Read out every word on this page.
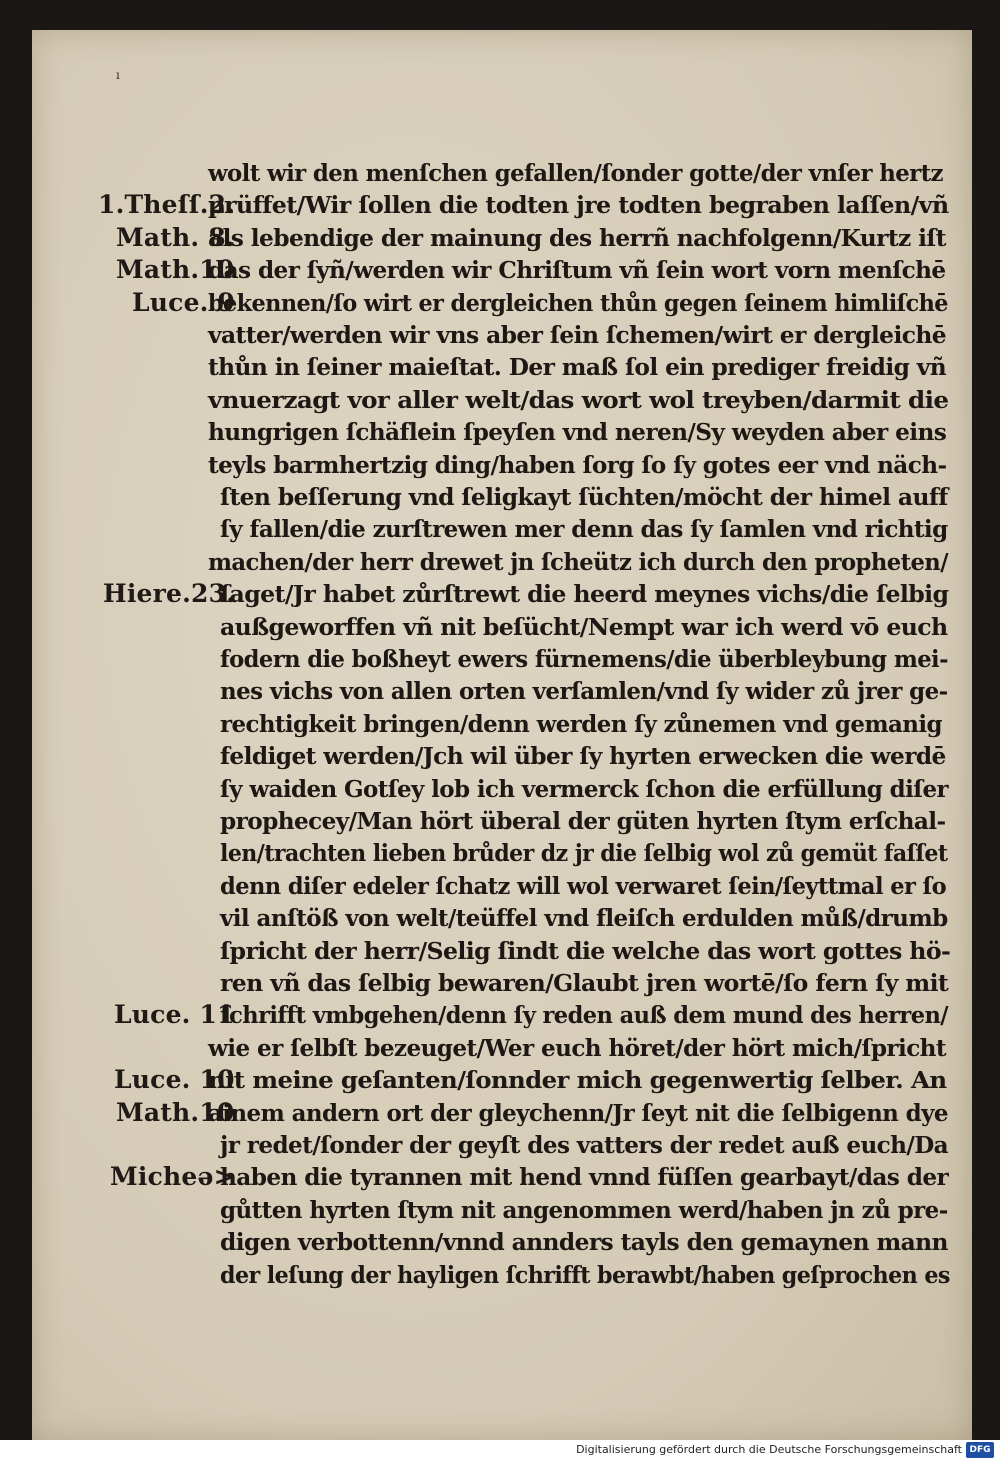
ı
1.Theſſ.2.
Math. 8.
Math.10
Luce. 9
Hiere.23.
Luce. 11
Luce. 10
Math.10
Micheə>
wolt wir den menſchen gefallen/ſonder gotte/der vnſer hertz
prüffet/Wir ſollen die todten jre todten begraben laſſen/vñ
als lebendige der mainung des herrñ nachfolgenn/Kurtz iſt
das der ſyñ/werden wir Chriſtum vñ ſein wort vorn menſchē
bekennen/ſo wirt er dergleichen thůn gegen ſeinem himliſchē
vatter/werden wir vns aber ſein ſchemen/wirt er dergleichē
thůn in ſeiner maieſtat. Der maß ſol ein prediger freidig vñ
vnuerzagt vor aller welt/das wort wol treyben/darmit die
hungrigen ſchäflein ſpeyſen vnd neren/Sy weyden aber eins
teyls barmhertzig ding/haben ſorg ſo ſy gotes eer vnd näch-
ſten beſſerung vnd ſeligkayt ſüchten/möcht der himel auff
ſy fallen/die zurſtrewen mer denn das ſy ſamlen vnd richtig
machen/der herr drewet jn ſcheütz ich durch den propheten/
ſaget/Jr habet zůrſtrewt die heerd meynes vichs/die ſelbig
außgeworffen vñ nit beſücht/Nempt war ich werd vō euch
fodern die boßheyt ewers fürnemens/die überbleybung mei-
nes vichs von allen orten verſamlen/vnd ſy wider zů jrer ge-
rechtigkeit bringen/denn werden ſy zůnemen vnd gemanig
feldiget werden/Jch wil über ſy hyrten erwecken die werdē
ſy waiden Gotſey lob ich vermerck ſchon die erfüllung diſer
prophecey/Man hört überal der güten hyrten ſtym erſchal-
len/trachten lieben brůder dz jr die ſelbig wol zů gemüt faſſet
denn diſer edeler ſchatz will wol verwaret ſein/ſeyttmal er ſo
vil anſtöß von welt/teüffel vnd fleiſch erdulden můß/drumb
ſpricht der herr/Selig ſindt die welche das wort gottes hö-
ren vñ das ſelbig bewaren/Glaubt jren wortē/ſo fern ſy mit
ſchrifft vmbgehen/denn ſy reden auß dem mund des herren/
wie er ſelbſt bezeuget/Wer euch höret/der hört mich/ſpricht
nit meine geſanten/ſonnder mich gegenwertig ſelber. An
ainem andern ort der gleychenn/Jr ſeyt nit die ſelbigenn dye
jr redet/ſonder der geyſt des vatters der redet auß euch/Da
haben die tyrannen mit hend vnnd füſſen gearbayt/das der
gůtten hyrten ſtym nit angenommen werd/haben jn zů pre-
digen verbottenn/vnnd annders tayls den gemaynen mann
der leſung der hayligen ſchrifft berawbt/haben geſprochen es
Digitalisierung gefördert durch die Deutsche Forschungsgemeinschaft DFG
